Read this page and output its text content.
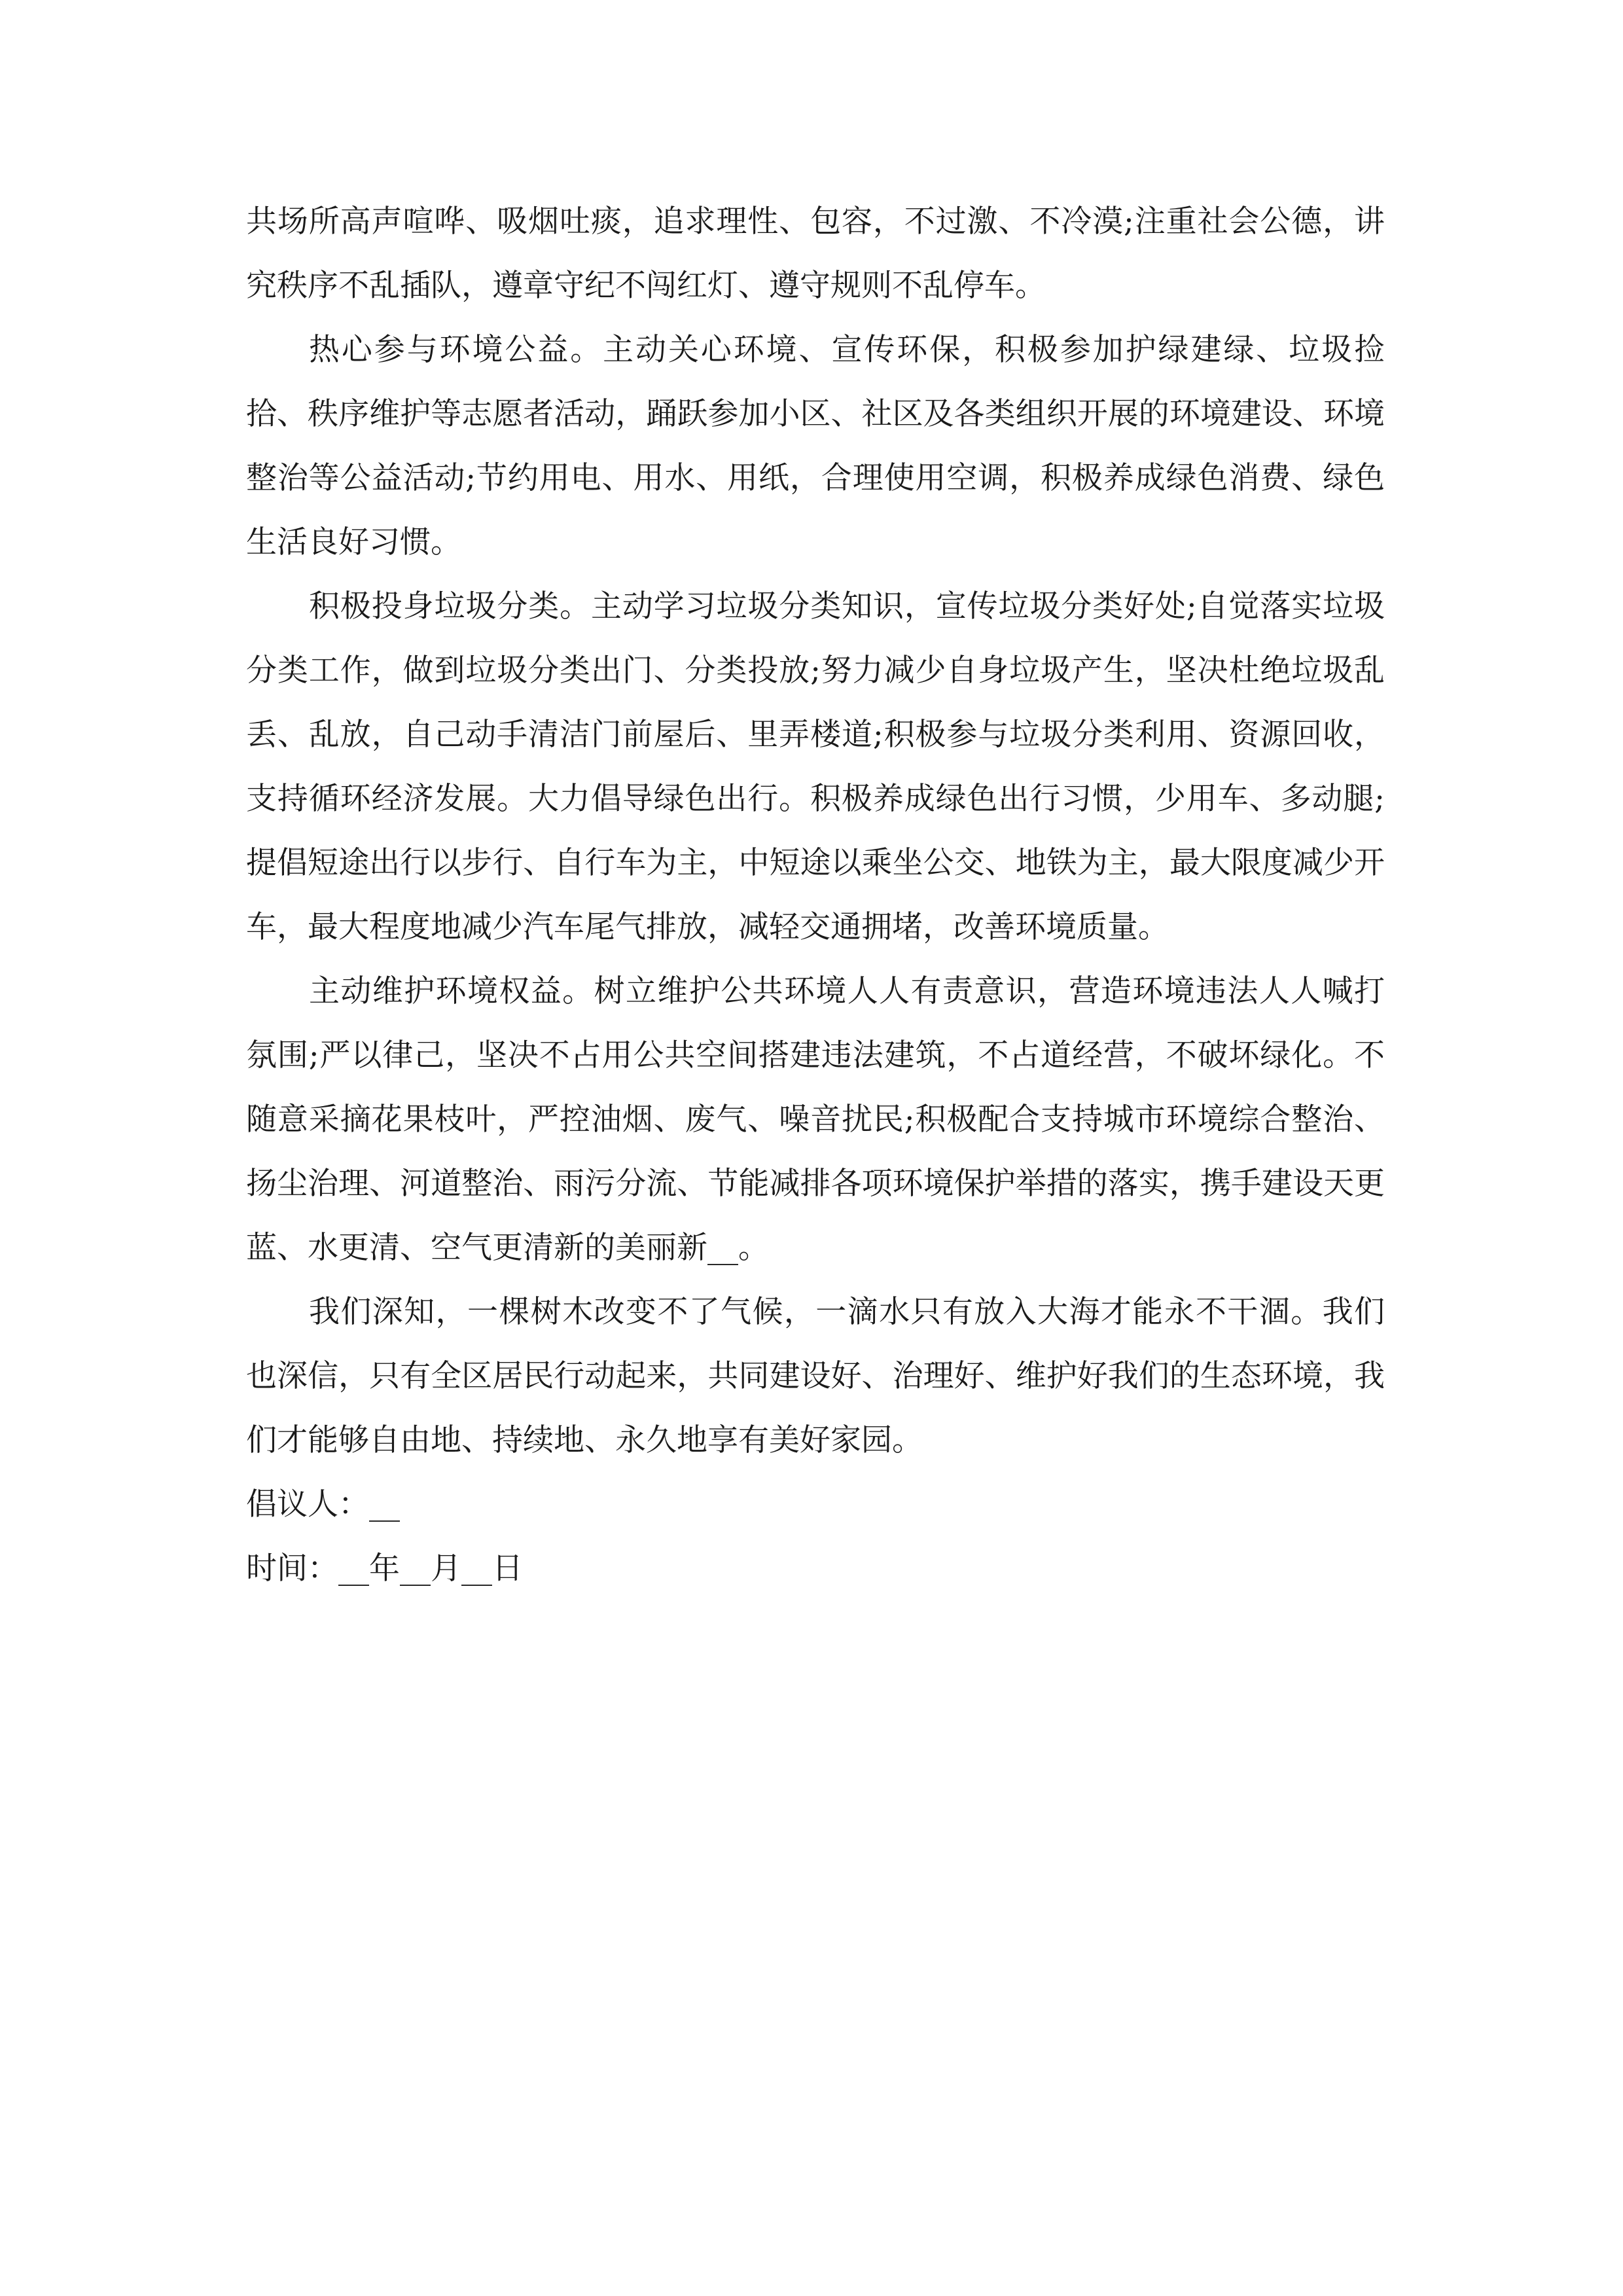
共场所高声喧哗、吸烟吐痰，追求理性、包容，不过激、不冷漠;注重社会公德，讲究秩序不乱插队，遵章守纪不闯红灯、遵守规则不乱停车。

热心参与环境公益。主动关心环境、宣传环保，积极参加护绿建绿、垃圾捡拾、秩序维护等志愿者活动，踊跃参加小区、社区及各类组织开展的环境建设、环境整治等公益活动;节约用电、用水、用纸，合理使用空调，积极养成绿色消费、绿色生活良好习惯。

积极投身垃圾分类。主动学习垃圾分类知识，宣传垃圾分类好处;自觉落实垃圾分类工作，做到垃圾分类出门、分类投放;努力减少自身垃圾产生，坚决杜绝垃圾乱丢、乱放，自己动手清洁门前屋后、里弄楼道;积极参与垃圾分类利用、资源回收，支持循环经济发展。大力倡导绿色出行。积极养成绿色出行习惯，少用车、多动腿;提倡短途出行以步行、自行车为主，中短途以乘坐公交、地铁为主，最大限度减少开车，最大程度地减少汽车尾气排放，减轻交通拥堵，改善环境质量。

主动维护环境权益。树立维护公共环境人人有责意识，营造环境违法人人喊打氛围;严以律己，坚决不占用公共空间搭建违法建筑，不占道经营，不破坏绿化。不随意采摘花果枝叶，严控油烟、废气、噪音扰民;积极配合支持城市环境综合整治、扬尘治理、河道整治、雨污分流、节能减排各项环境保护举措的落实，携手建设天更蓝、水更清、空气更清新的美丽新__。

我们深知，一棵树木改变不了气候，一滴水只有放入大海才能永不干涸。我们也深信，只有全区居民行动起来，共同建设好、治理好、维护好我们的生态环境，我们才能够自由地、持续地、永久地享有美好家园。

倡议人：__

时间：__年__月__日
